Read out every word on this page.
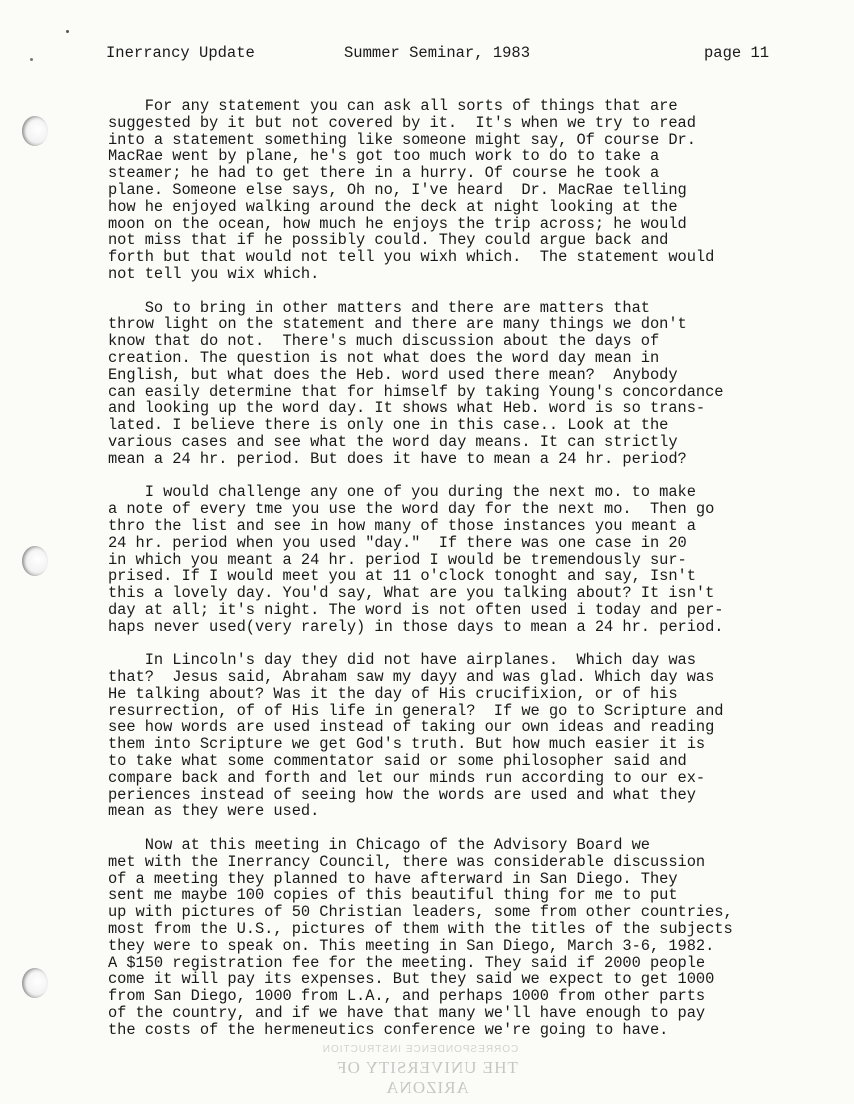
Inerrancy Update	Summer Seminar, 1983	page 11
For any statement you can ask all sorts of things that are
suggested by it but not covered by it.  It's when we try to read
into a statement something like someone might say, Of course Dr.
MacRae went by plane, he's got too much work to do to take a
steamer; he had to get there in a hurry. Of course he took a
plane. Someone else says, Oh no, I've heard  Dr. MacRae telling
how he enjoyed walking around the deck at night looking at the
moon on the ocean, how much he enjoys the trip across; he would
not miss that if he possibly could. They could argue back and
forth but that would not tell you wixh which.  The statement would
not tell you wix which.
So to bring in other matters and there are matters that
throw light on the statement and there are many things we don't
know that do not.  There's much discussion about the days of
creation. The question is not what does the word day mean in
English, but what does the Heb. word used there mean?  Anybody
can easily determine that for himself by taking Young's concordance
and looking up the word day. It shows what Heb. word is so trans-
lated. I believe there is only one in this case.. Look at the
various cases and see what the word day means. It can strictly
mean a 24 hr. period. But does it have to mean a 24 hr. period?
I would challenge any one of you during the next mo. to make
a note of every tme you use the word day for the next mo.  Then go
thro the list and see in how many of those instances you meant a
24 hr. period when you used "day."  If there was one case in 20
in which you meant a 24 hr. period I would be tremendously sur-
prised. If I would meet you at 11 o'clock tonoght and say, Isn't
this a lovely day. You'd say, What are you talking about? It isn't
day at all; it's night. The word is not often used i today and per-
haps never used(very rarely) in those days to mean a 24 hr. period.
In Lincoln's day they did not have airplanes.  Which day was
that?  Jesus said, Abraham saw my dayy and was glad. Which day was
He talking about? Was it the day of His crucifixion, or of his
resurrection, of of His life in general?  If we go to Scripture and
see how words are used instead of taking our own ideas and reading
them into Scripture we get God's truth. But how much easier it is
to take what some commentator said or some philosopher said and
compare back and forth and let our minds run according to our ex-
periences instead of seeing how the words are used and what they
mean as they were used.
Now at this meeting in Chicago of the Advisory Board we
met with the Inerrancy Council, there was considerable discussion
of a meeting they planned to have afterward in San Diego. They
sent me maybe 100 copies of this beautiful thing for me to put
up with pictures of 50 Christian leaders, some from other countries,
most from the U.S., pictures of them with the titles of the subjects
they were to speak on. This meeting in San Diego, March 3-6, 1982.
A $150 registration fee for the meeting. They said if 2000 people
come it will pay its expenses. But they said we expect to get 1000
from San Diego, 1000 from L.A., and perhaps 1000 from other parts
of the country, and if we have that many we'll have enough to pay
the costs of the hermeneutics conference we're going to have.
CORRESPONDENCE INSTRUCTION
THE UNIVERSITY OF ARIZONA
